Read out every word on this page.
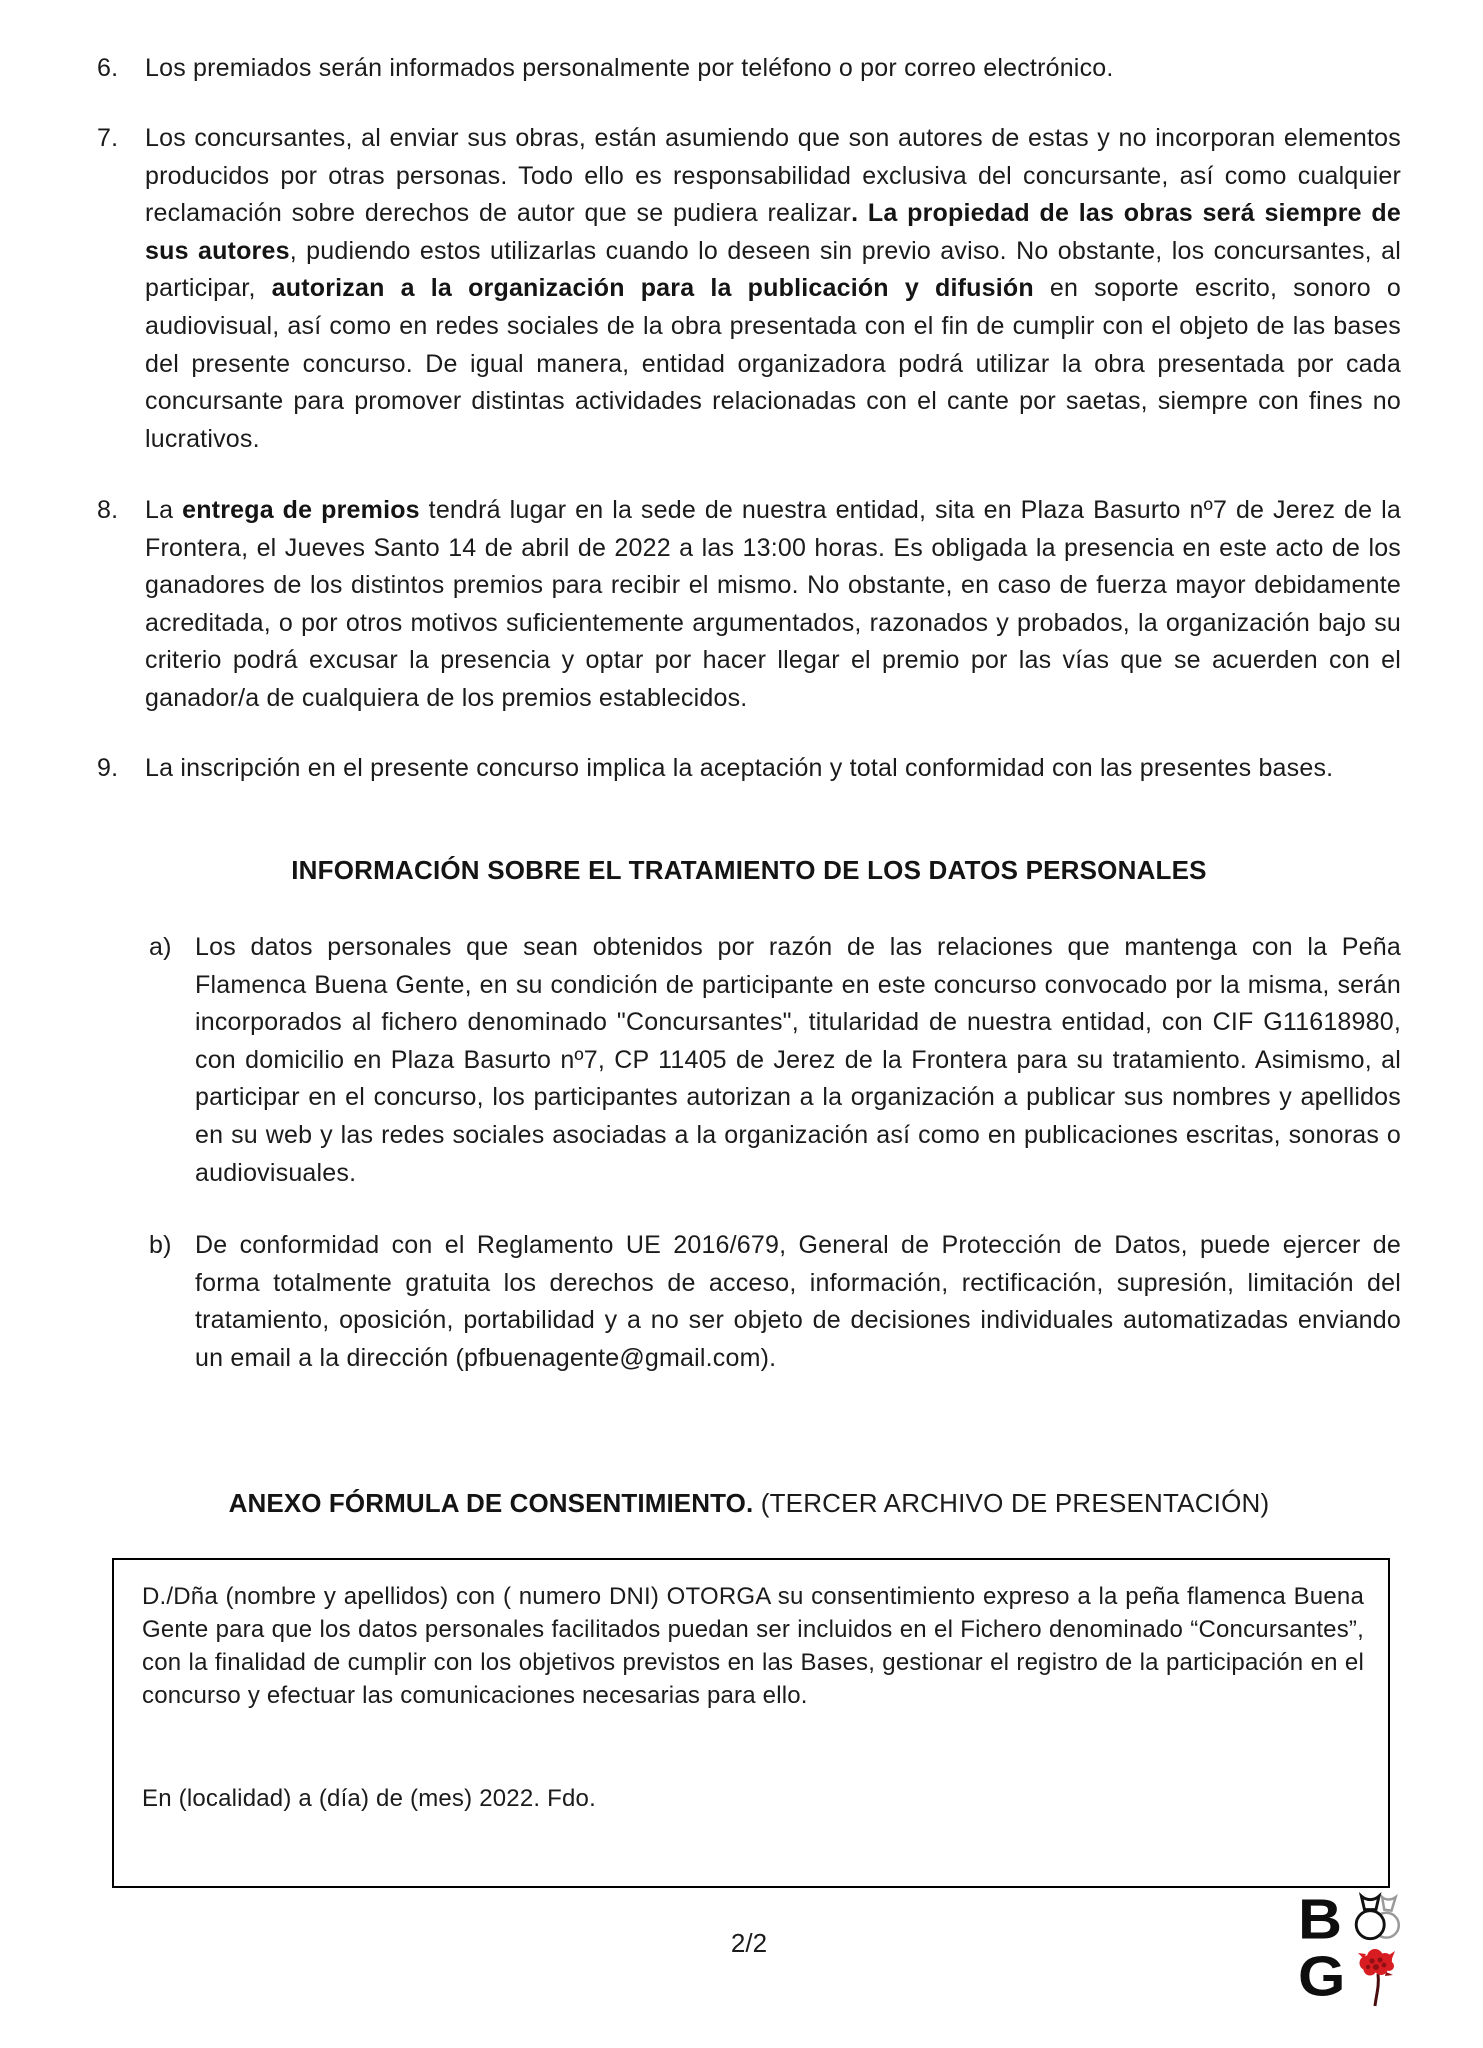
6.	Los premiados serán informados personalmente por teléfono o por correo electrónico.
7.	Los concursantes, al enviar sus obras, están asumiendo que son autores de estas y no incorporan elementos producidos por otras personas. Todo ello es responsabilidad exclusiva del concursante, así como cualquier reclamación sobre derechos de autor que se pudiera realizar. La propiedad de las obras será siempre de sus autores, pudiendo estos utilizarlas cuando lo deseen sin previo aviso. No obstante, los concursantes, al participar, autorizan a la organización para la publicación y difusión en soporte escrito, sonoro o audiovisual, así como en redes sociales de la obra presentada con el fin de cumplir con el objeto de las bases del presente concurso. De igual manera, entidad organizadora podrá utilizar la obra presentada por cada concursante para promover distintas actividades relacionadas con el cante por saetas, siempre con fines no lucrativos.
8.	La entrega de premios tendrá lugar en la sede de nuestra entidad, sita en Plaza Basurto nº7 de Jerez de la Frontera, el Jueves Santo 14 de abril de 2022 a las 13:00 horas. Es obligada la presencia en este acto de los ganadores de los distintos premios para recibir el mismo. No obstante, en caso de fuerza mayor debidamente acreditada, o por otros motivos suficientemente argumentados, razonados y probados, la organización bajo su criterio podrá excusar la presencia y optar por hacer llegar el premio por las vías que se acuerden con el ganador/a de cualquiera de los premios establecidos.
9.	La inscripción en el presente concurso implica la aceptación y total conformidad con las presentes bases.
INFORMACIÓN SOBRE EL TRATAMIENTO DE LOS DATOS PERSONALES
a) Los datos personales que sean obtenidos por razón de las relaciones que mantenga con la Peña Flamenca Buena Gente, en su condición de participante en este concurso convocado por la misma, serán incorporados al fichero denominado "Concursantes", titularidad de nuestra entidad, con CIF G11618980, con domicilio en Plaza Basurto nº7, CP 11405 de Jerez de la Frontera para su tratamiento. Asimismo, al participar en el concurso, los participantes autorizan a la organización a publicar sus nombres y apellidos en su web y las redes sociales asociadas a la organización así como en publicaciones escritas, sonoras o audiovisuales.
b) De conformidad con el Reglamento UE 2016/679, General de Protección de Datos, puede ejercer de forma totalmente gratuita los derechos de acceso, información, rectificación, supresión, limitación del tratamiento, oposición, portabilidad y a no ser objeto de decisiones individuales automatizadas enviando un email a la dirección (pfbuenagente@gmail.com).
ANEXO FÓRMULA DE CONSENTIMIENTO. (TERCER ARCHIVO DE PRESENTACIÓN)
D./Dña (nombre y apellidos) con ( numero DNI) OTORGA su consentimiento expreso a la peña flamenca Buena Gente para que los datos personales facilitados puedan ser incluidos en el Fichero denominado “Concursantes”, con la finalidad de cumplir con los objetivos previstos en las Bases, gestionar el registro de la participación en el concurso y efectuar las comunicaciones necesarias para ello.
En (localidad) a (día) de (mes) 2022. Fdo.
2/2	B
G
